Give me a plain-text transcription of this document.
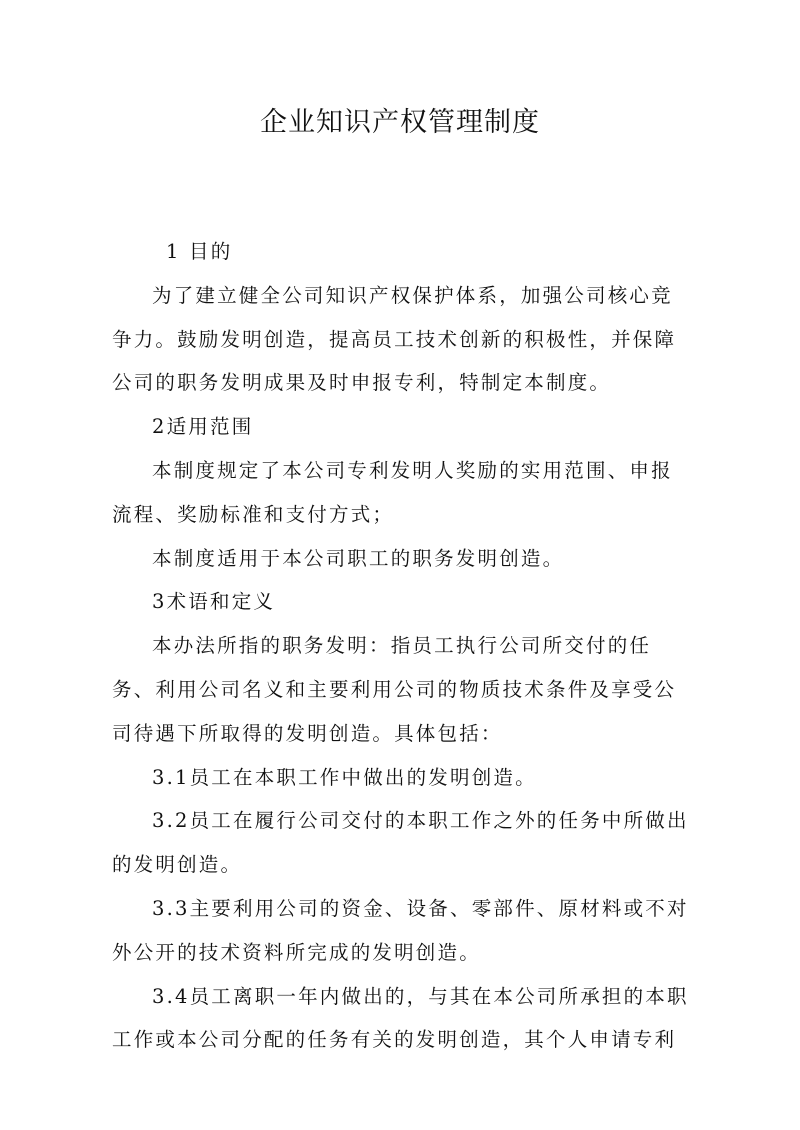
企业知识产权管理制度

1 目的

为了建立健全公司知识产权保护体系，加强公司核心竞争力。鼓励发明创造，提高员工技术创新的积极性，并保障公司的职务发明成果及时申报专利，特制定本制度。

2适用范围

本制度规定了本公司专利发明人奖励的实用范围、申报流程、奖励标准和支付方式；

本制度适用于本公司职工的职务发明创造。

3术语和定义

本办法所指的职务发明：指员工执行公司所交付的任务、利用公司名义和主要利用公司的物质技术条件及享受公司待遇下所取得的发明创造。具体包括：

3.1员工在本职工作中做出的发明创造。

3.2员工在履行公司交付的本职工作之外的任务中所做出的发明创造。

3.3主要利用公司的资金、设备、零部件、原材料或不对外公开的技术资料所完成的发明创造。

3.4员工离职一年内做出的，与其在本公司所承担的本职工作或本公司分配的任务有关的发明创造，其个人申请专利
